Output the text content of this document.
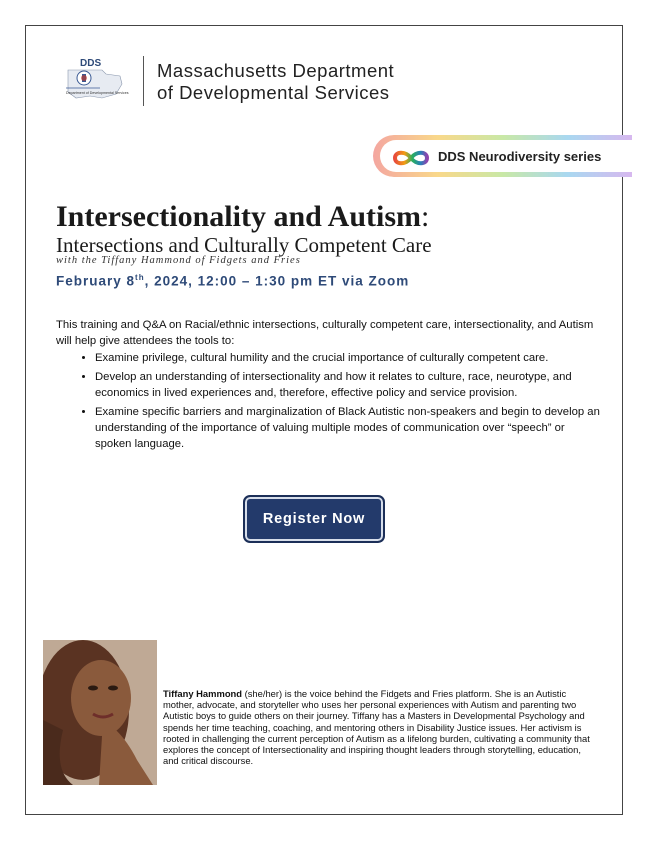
DDS
Department of Developmental Services
Massachusetts Department
of Developmental Services
DDS Neurodiversity series
Intersectionality and Autism:
Intersections and Culturally Competent Care
with the Tiffany Hammond of Fidgets and Fries
February 8th, 2024, 12:00 – 1:30 pm ET via Zoom
This training and Q&A on Racial/ethnic intersections, culturally competent care, intersectionality, and Autism will help give attendees the tools to:
• Examine privilege, cultural humility and the crucial importance of culturally competent care.
• Develop an understanding of intersectionality and how it relates to culture, race, neurotype, and economics in lived experiences and, therefore, effective policy and service provision.
• Examine specific barriers and marginalization of Black Autistic non-speakers and begin to develop an understanding of the importance of valuing multiple modes of communication over “speech” or spoken language.
Register Now
Tiffany Hammond (she/her) is the voice behind the Fidgets and Fries platform. She is an Autistic mother, advocate, and storyteller who uses her personal experiences with Autism and parenting two Autistic boys to guide others on their journey. Tiffany has a Masters in Developmental Psychology and spends her time teaching, coaching, and mentoring others in Disability Justice issues. Her activism is rooted in challenging the current perception of Autism as a lifelong burden, cultivating a community that explores the concept of Intersectionality and inspiring thought leaders through storytelling, education, and critical discourse.
